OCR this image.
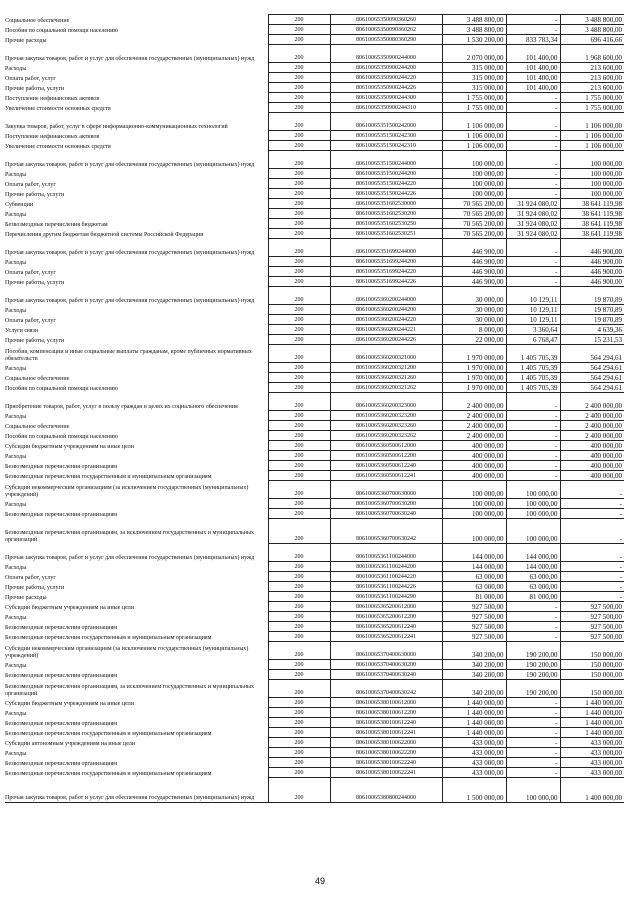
Социальное обеспечение	200	80610065350090360260	3 488 800,00	-	3 488 800,00
Пособия по социальной помощи населению	200	80610065350090360262	3 488 800,00	-	3 488 800,00
Прочие расходы	200	80610065350080360290	1 530 200,00	833 783,34	696 416,66
Прочая закупка товаров, работ и услуг для обеспечения государственных (муниципальных) нужд	200	80610065350900244000	2 070 000,00	101 400,00	1 968 600,00
Расходы	200	80610065350900244200	315 000,00	101 400,00	213 600,00
Оплата работ, услуг	200	80610065350900244220	315 000,00	101 400,00	213 600,00
Прочие работы, услуги	200	80610065350900244226	315 000,00	101 400,00	213 600,00
Поступление нефинансовых активов	200	80610065350900244300	1 755 000,00	-	1 755 000,00
Увеличение стоимости основных средств	200	80610065350900244310	1 755 000,00	-	1 755 000,00
Закупка товаров, работ, услуг в сфере информационно-коммуникационных технологий	200	80610065351500242000	1 106 000,00	-	1 106 000,00
Поступление нефинансовых активов	200	80610065351500242300	1 106 000,00	-	1 106 000,00
Увеличение стоимости основных средств	200	80610065351500242310	1 106 000,00	-	1 106 000,00
Прочая закупка товаров, работ и услуг для обеспечения государственных (муниципальных) нужд	200	80610065351500244000	100 000,00	-	100 000,00
Расходы	200	80610065351500244200	100 000,00	-	100 000,00
Оплата работ, услуг	200	80610065351500244220	100 000,00	-	100 000,00
Прочие работы, услуги	200	80610065351500244226	100 000,00	-	100 000,00
Субвенции	200	80610065351602530000	70 565 200,00	31 924 080,02	38 641 119,98
Расходы	200	80610065351602530200	70 565 200,00	31 924 080,02	38 641 119,98
Безвозмездные перечисления бюджетам	200	80610065351602530250	70 565 200,00	31 924 080,02	38 641 119,98
Перечисления другим бюджетам бюджетной системы Российской Федерации	200	80610065351602530251	70 565 200,00	31 924 080,02	38 641 119,98
Прочая закупка товаров, работ и услуг для обеспечения государственных (муниципальных) нужд	200	80610065351699244000	446 900,00	-	446 900,00
Расходы	200	80610065351699244200	446 900,00	-	446 900,00
Оплата работ, услуг	200	80610065351699244220	446 900,00	-	446 900,00
Прочие работы, услуги	200	80610065351699244226	446 900,00	-	446 900,00
Прочая закупка товаров, работ и услуг для обеспечения государственных (муниципальных) нужд	200	80610065360200244000	30 000,00	10 129,11	19 870,89
Расходы	200	80610065360200244200	30 000,00	10 129,11	19 870,89
Оплата работ, услуг	200	80610065360200244220	30 000,00	10 129,11	19 870,89
Услуги связи	200	80610065360200244221	8 000,00	3 360,64	4 639,36
Прочие работы, услуги	200	80610065360200244226	22 000,00	6 768,47	15 231,53
Пособия, компенсации и иные социальные выплаты гражданам, кроме публичных нормативных обязательств	200	80610065360200321000	1 970 000,00	1 405 705,39	564 294,61
Расходы	200	80610065360200321200	1 970 000,00	1 405 705,39	564 294,61
Социальное обеспечение	200	80610065360200321260	1 970 000,00	1 405 705,39	564 294,61
Пособия по социальной помощи населению	200	80610065360200321262	1 970 000,00	1 405 705,39	564 294,61
Приобретение товаров, работ, услуг в пользу граждан в целях их социального обеспечения	200	80610065360200323000	2 400 000,00	-	2 400 000,00
Расходы	200	80610065360200323200	2 400 000,00	-	2 400 000,00
Социальное обеспечение	200	80610065360200323260	2 400 000,00	-	2 400 000,00
Пособия по социальной помощи населению	200	80610065360200323262	2 400 000,00	-	2 400 000,00
Субсидии бюджетным учреждениям на иные цели	200	80610065360500612000	400 000,00	-	400 000,00
Расходы	200	80610065360500612200	400 000,00	-	400 000,00
Безвозмездные перечисления организациям	200	80610065360500612240	400 000,00	-	400 000,00
Безвозмездные перечисления государственным и муниципальным организациям	200	80610065360500612241	400 000,00	-	400 000,00
Субсидии некоммерческим организациям (за исключением государственных (муниципальных) учреждений)	200	80610065360700630000	100 000,00	100 000,00	-
Расходы	200	80610065360700630200	100 000,00	100 000,00	-
Безвозмездные перечисления организациям	200	80610065360700630240	100 000,00	100 000,00	-
Безвозмездные перечисления организациям, за исключением государственных и муниципальных организаций	200	80610065360700630242	100 000,00	100 000,00	-
Прочая закупка товаров, работ и услуг для обеспечения государственных (муниципальных) нужд	200	80610065361100244000	144 000,00	144 000,00	-
Расходы	200	80610065361100244200	144 000,00	144 000,00	-
Оплата работ, услуг	200	80610065361100244220	63 000,00	63 000,00	-
Прочие работы, услуги	200	80610065361100244226	63 000,00	63 000,00	-
Прочие расходы	200	80610065361100244290	81 000,00	81 000,00	-
Субсидии бюджетным учреждениям на иные цели	200	80610065365200612000	927 500,00	-	927 500,00
Расходы	200	80610065365200612200	927 500,00	-	927 500,00
Безвозмездные перечисления организациям	200	80610065365200612240	927 500,00	-	927 500,00
Безвозмездные перечисления государственным и муниципальным организациям	200	80610065365200612241	927 500,00	-	927 500,00
Субсидии некоммерческим организациям (за исключением государственных (муниципальных) учреждений)	200	80610065370400630000	340 200,00	190 200,00	150 000,00
Расходы	200	80610065370400630200	340 200,00	190 200,00	150 000,00
Безвозмездные перечисления организациям	200	80610065370400630240	340 200,00	190 200,00	150 000,00
Безвозмездные перечисления организациям, за исключением государственных и муниципальных организаций	200	80610065370400630242	340 200,00	190 200,00	150 000,00
Субсидии бюджетным учреждениям на иные цели	200	80610065380100612000	1 440 000,00	-	1 440 000,00
Расходы	200	80610065380100612200	1 440 000,00	-	1 440 000,00
Безвозмездные перечисления организациям	200	80610065380100612240	1 440 000,00	-	1 440 000,00
Безвозмездные перечисления государственным и муниципальным организациям	200	80610065380100612241	1 440 000,00	-	1 440 000,00
Субсидии автономным учреждениям на иные цели	200	80610065380100622000	433 000,00	-	433 000,00
Расходы	200	80610065380100622200	433 000,00	-	433 000,00
Безвозмездные перечисления организациям	200	80610065380100622240	433 000,00	-	433 000,00
Безвозмездные перечисления государственным и муниципальным организациям	200	80610065380100622241	433 000,00	-	433 000,00
Прочая закупка товаров, работ и услуг для обеспечения государственных (муниципальных) нужд	200	80610065380800244000	1 500 000,00	100 000,00	1 400 000,00
49
